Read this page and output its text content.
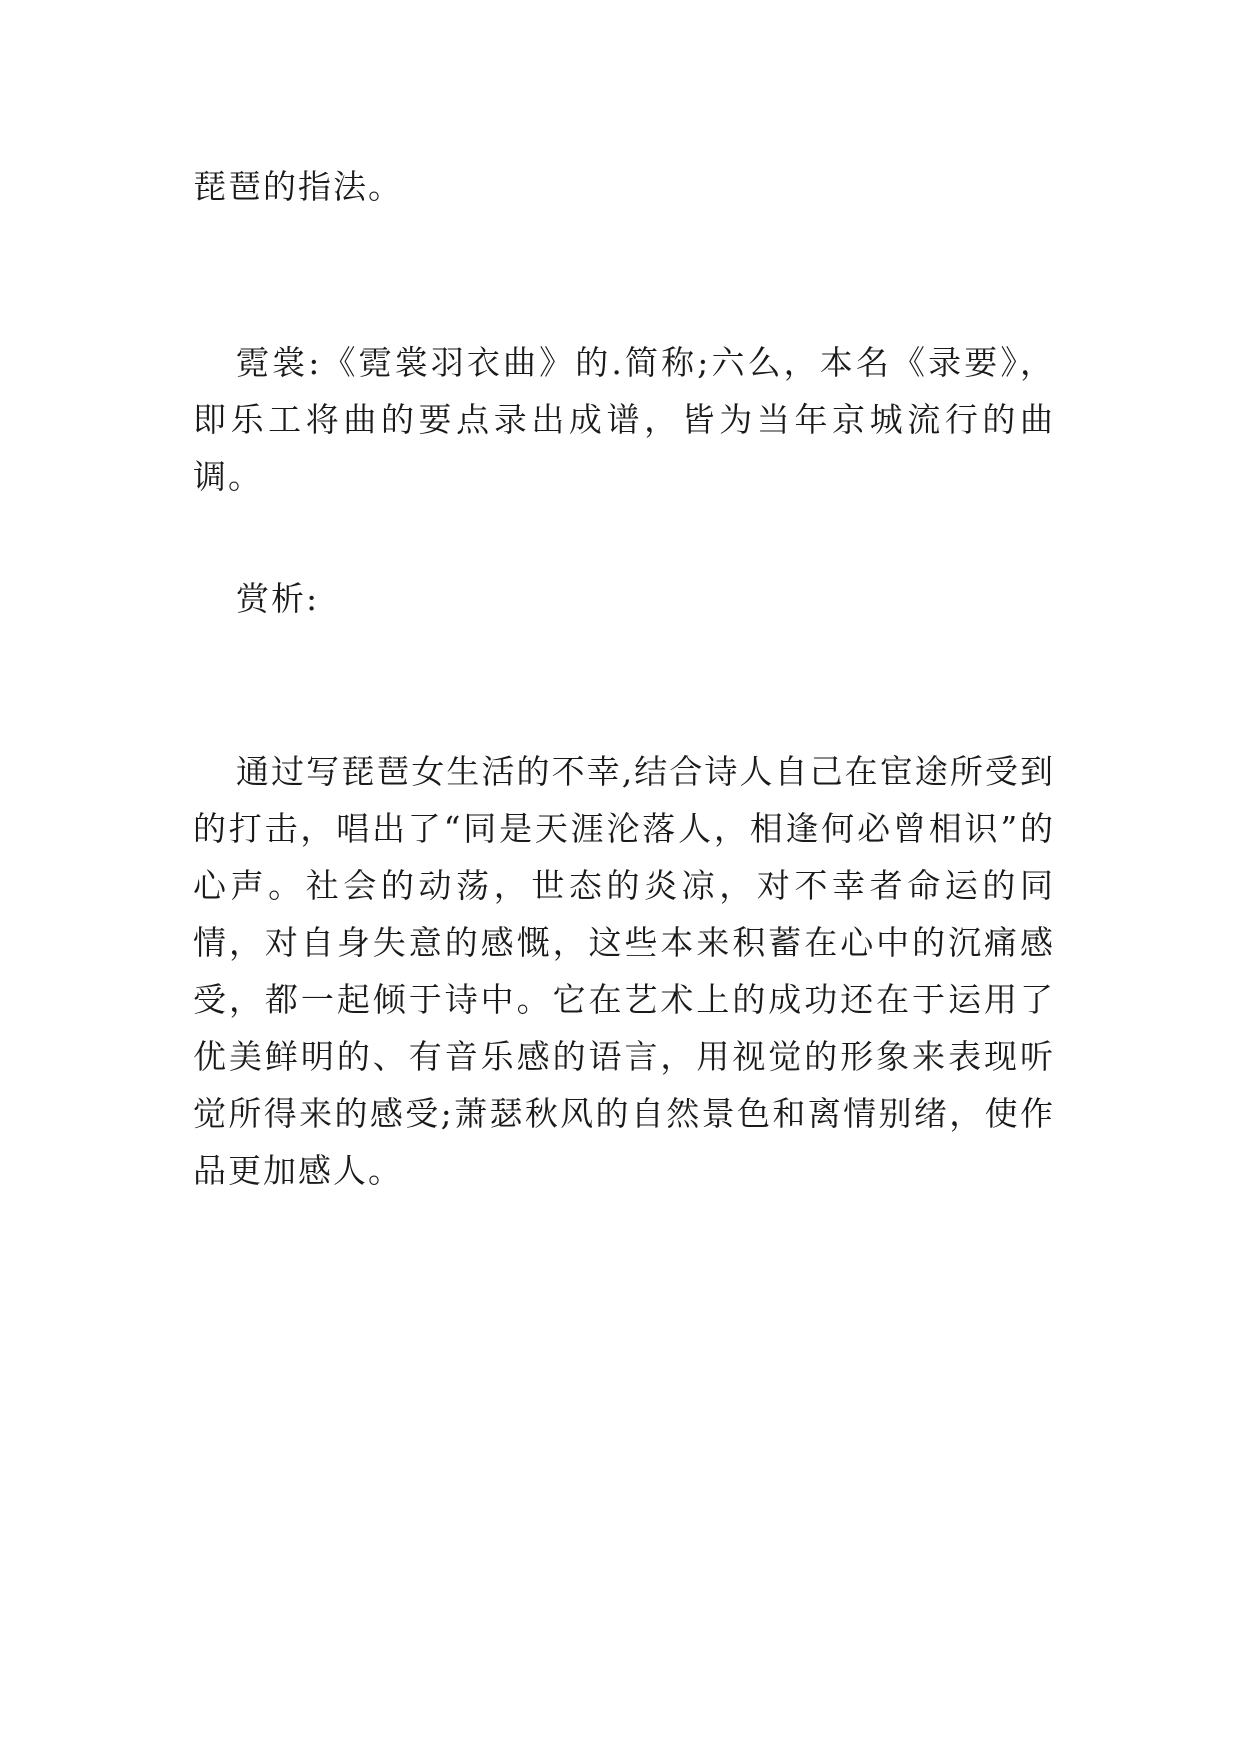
琵琶的指法。

霓裳:《霓裳羽衣曲》的.简称;六么，本名《录要》，即乐工将曲的要点录出成谱，皆为当年京城流行的曲调。

赏析:

通过写琵琶女生活的不幸,结合诗人自己在宦途所受到的打击，唱出了“同是天涯沦落人，相逢何必曾相识”的心声。社会的动荡，世态的炎凉，对不幸者命运的同情，对自身失意的感慨，这些本来积蓄在心中的沉痛感受，都一起倾于诗中。它在艺术上的成功还在于运用了优美鲜明的、有音乐感的语言，用视觉的形象来表现听觉所得来的感受;萧瑟秋风的自然景色和离情别绪，使作品更加感人。
